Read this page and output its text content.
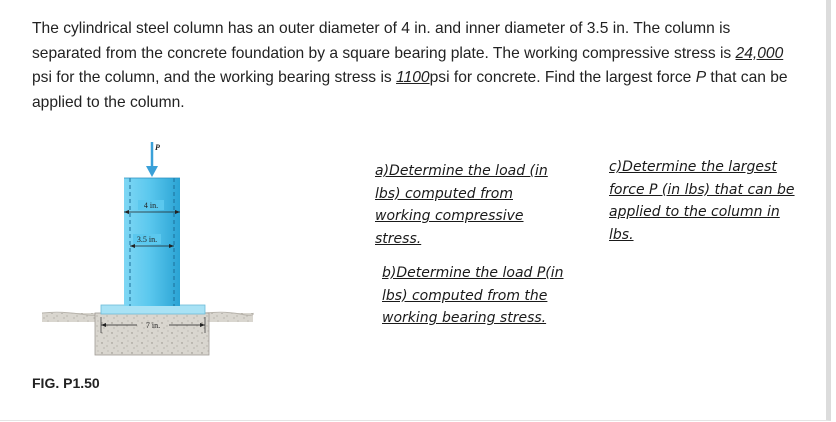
The cylindrical steel column has an outer diameter of 4 in. and inner diameter of 3.5 in. The column is separated from the concrete foundation by a square bearing plate. The working compressive stress is 24,000 psi for the column, and the working bearing stress is 1100psi for concrete. Find the largest force P that can be applied to the column.
P
4 in.
3.5 in.
7 in.
FIG. P1.50
a)Determine the load (in lbs) computed from working compressive stress.
b)Determine the load P(in lbs) computed from the working bearing stress.
c)Determine the largest force P (in lbs) that can be applied to the column in lbs.
